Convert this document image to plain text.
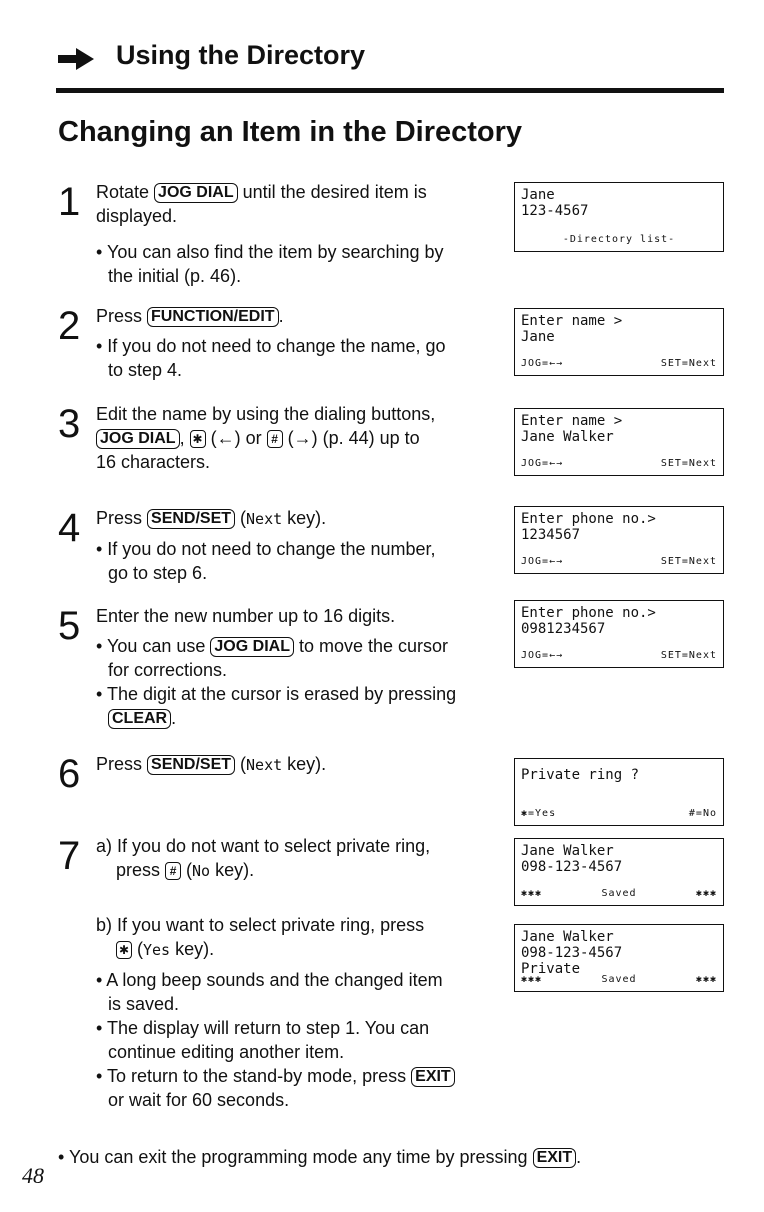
Using the Directory
Changing an Item in the Directory
1 Rotate JOG DIAL until the desired item is
displayed.
• You can also find the item by searching by
the initial (p. 46).
2 Press FUNCTION/EDIT .
• If you do not need to change the name, go
to step 4.
3 Edit the name by using the dialing buttons,
JOG DIAL , ✱ (←) or # (→) (p. 44) up to
16 characters.
4 Press SEND/SET (Next key).
• If you do not need to change the number,
go to step 6.
5 Enter the new number up to 16 digits.
• You can use JOG DIAL to move the cursor
for corrections.
• The digit at the cursor is erased by pressing
CLEAR .
6 Press SEND/SET (Next key).
7 a) If you do not want to select private ring,
press # (No key).
b) If you want to select private ring, press
✱ (Yes key).
• A long beep sounds and the changed item
is saved.
• The display will return to step 1. You can
continue editing another item.
• To return to the stand-by mode, press EXIT
or wait for 60 seconds.
Jane
123-4567
-Directory list-
Enter name >
Jane
JOG=←→	SET=Next
Enter name >
Jane Walker
JOG=←→	SET=Next
Enter phone no.>
1234567
JOG=←→	SET=Next
Enter phone no.>
0981234567
JOG=←→	SET=Next
Private ring ?
✱=Yes	#=No
Jane Walker
098-123-4567
✱✱✱	Saved	✱✱✱
Jane Walker
098-123-4567
Private
✱✱✱	Saved	✱✱✱
• You can exit the programming mode any time by pressing EXIT .
48
